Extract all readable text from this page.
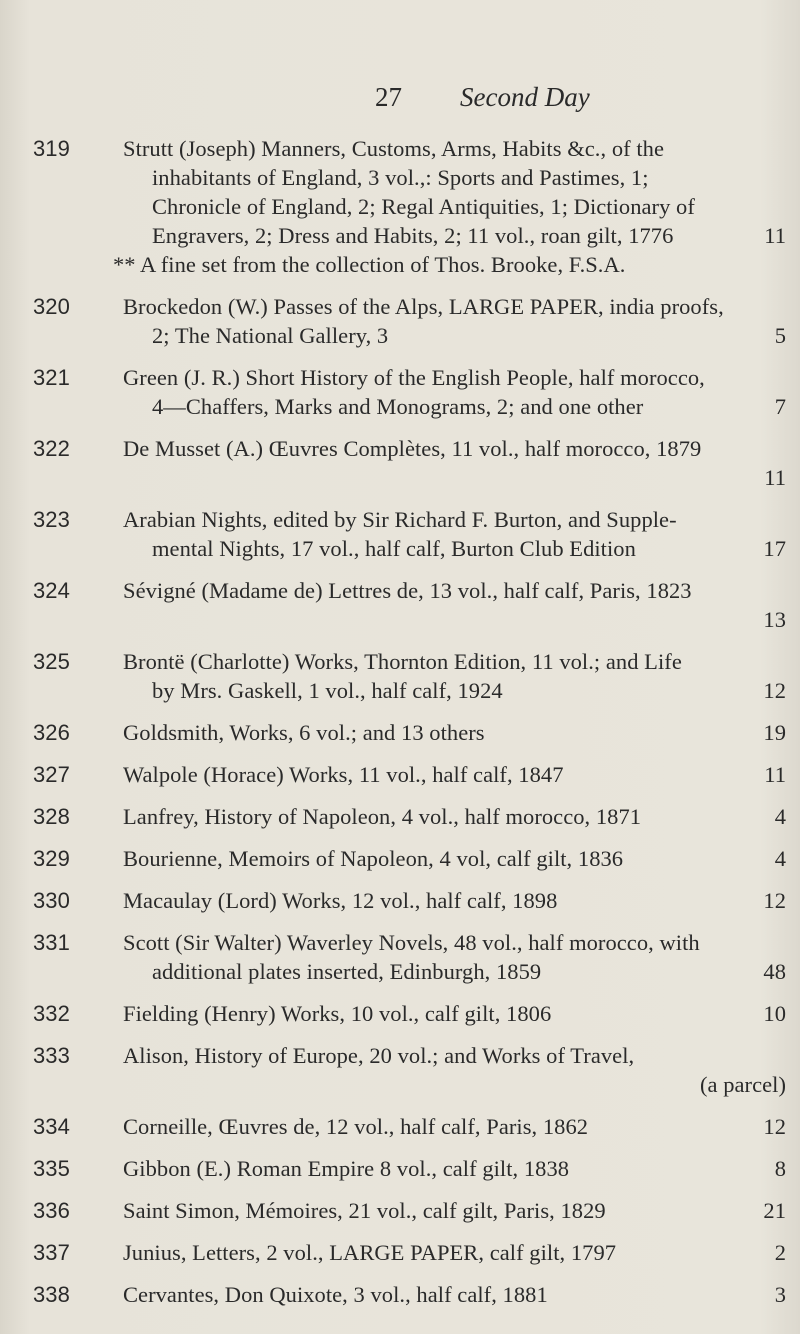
27 Second Day
319	Strutt (Joseph) Manners, Customs, Arms, Habits &c., of the
inhabitants of England, 3 vol.,: Sports and Pastimes, 1;
Chronicle of England, 2; Regal Antiquities, 1; Dictionary of
Engravers, 2; Dress and Habits, 2; 11 vol., roan gilt, 1776	11
** A fine set from the collection of Thos. Brooke, F.S.A.
320	Brockedon (W.) Passes of the Alps, LARGE PAPER, india proofs,
2; The National Gallery, 3	5
321	Green (J. R.) Short History of the English People, half morocco,
4—Chaffers, Marks and Monograms, 2; and one other	7
322	De Musset (A.) Œuvres Complètes, 11 vol., half morocco, 1879
11
323	Arabian Nights, edited by Sir Richard F. Burton, and Supple-
mental Nights, 17 vol., half calf, Burton Club Edition	17
324	Sévigné (Madame de) Lettres de, 13 vol., half calf, Paris, 1823
13
325	Brontë (Charlotte) Works, Thornton Edition, 11 vol.; and Life
by Mrs. Gaskell, 1 vol., half calf, 1924	12
326	Goldsmith, Works, 6 vol.; and 13 others	19
327	Walpole (Horace) Works, 11 vol., half calf, 1847	11
328	Lanfrey, History of Napoleon, 4 vol., half morocco, 1871	4
329	Bourienne, Memoirs of Napoleon, 4 vol, calf gilt, 1836	4
330	Macaulay (Lord) Works, 12 vol., half calf, 1898	12
331	Scott (Sir Walter) Waverley Novels, 48 vol., half morocco, with
additional plates inserted, Edinburgh, 1859	48
332	Fielding (Henry) Works, 10 vol., calf gilt, 1806	10
333	Alison, History of Europe, 20 vol.; and Works of Travel,
(a parcel)
334	Corneille, Œuvres de, 12 vol., half calf, Paris, 1862	12
335	Gibbon (E.) Roman Empire 8 vol., calf gilt, 1838	8
336	Saint Simon, Mémoires, 21 vol., calf gilt, Paris, 1829	21
337	Junius, Letters, 2 vol., LARGE PAPER, calf gilt, 1797	2
338	Cervantes, Don Quixote, 3 vol., half calf, 1881	3
